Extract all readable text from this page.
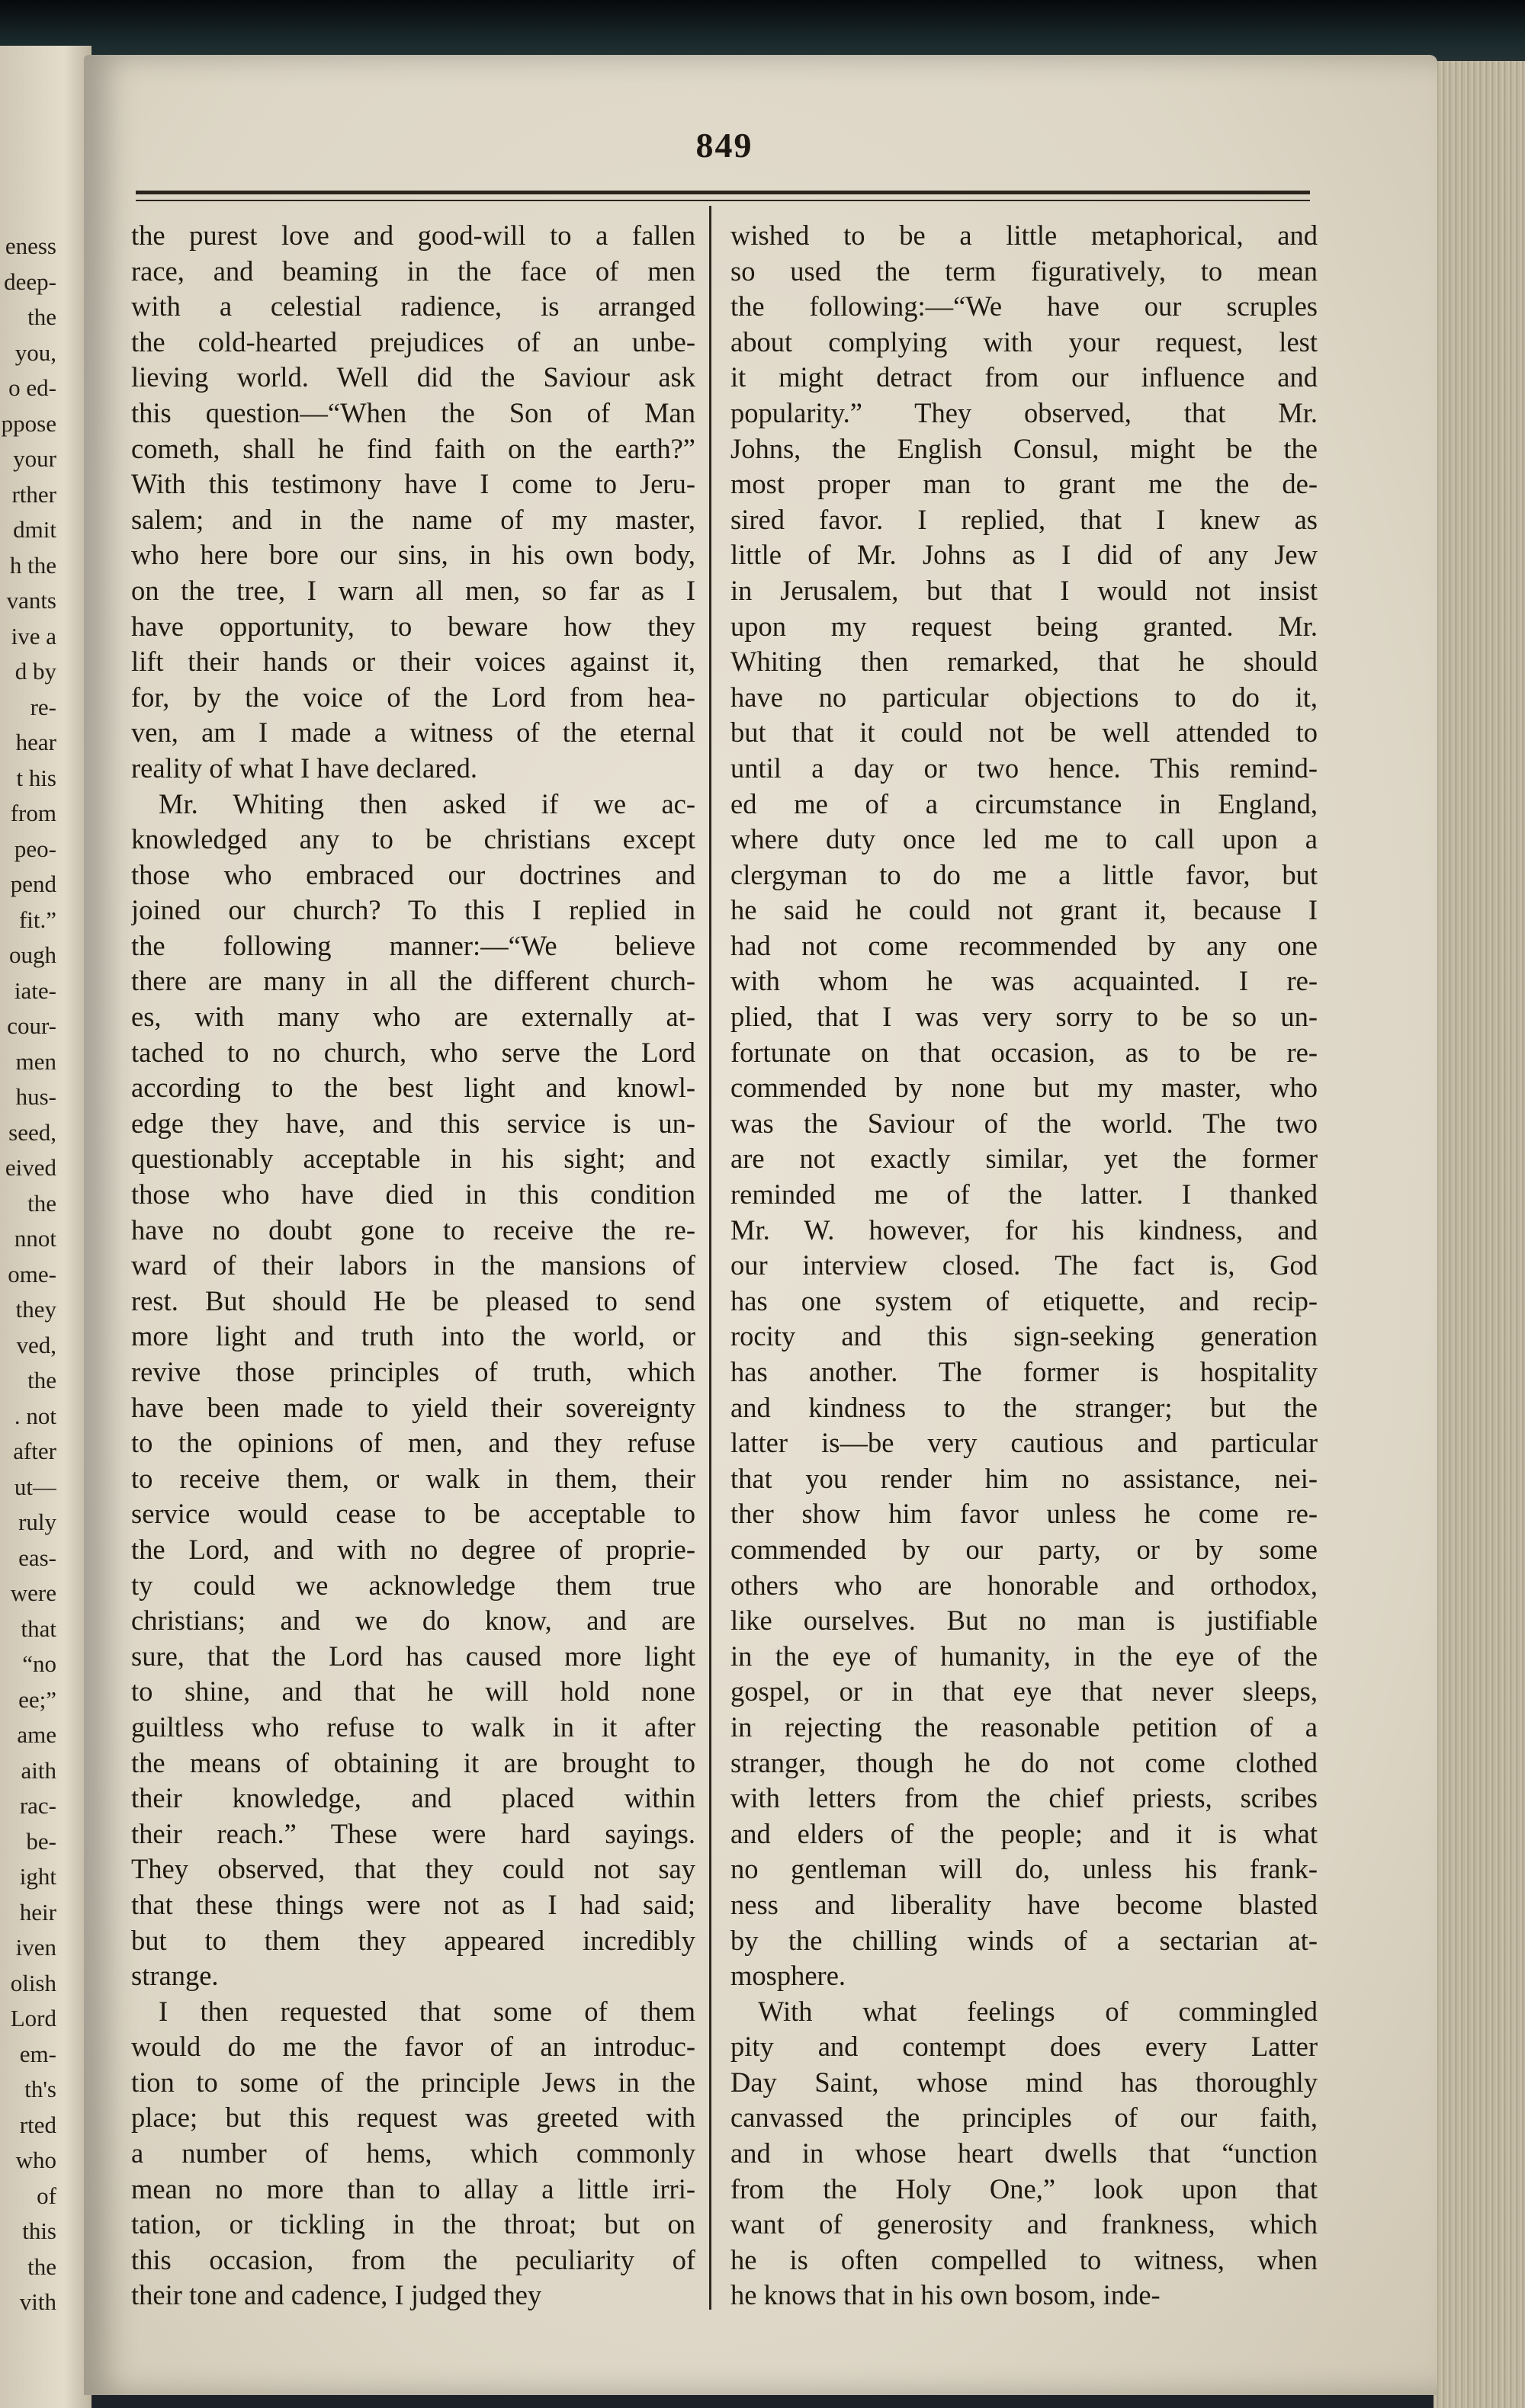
eness
deep-
the
you,
o ed-
ppose
your
rther
dmit
h the
vants
ive a
d by
re-
hear
t his
from
peo-
pend
fit.”
ough
iate-
cour-
men
hus-
seed,
eived
the
nnot
ome-
they
ved,
the
. not
after
ut—
ruly
eas-
were
that
“no
ee;”
ame
aith
rac-
be-
ight
heir
iven
olish
Lord
em-
th's
rted
who
of
this
the
vith
849
the purest love and good-will to a fallen
race, and beaming in the face of men
with a celestial radience, is arranged
the cold-hearted prejudices of an unbe-
lieving world. Well did the Saviour ask
this question—“When the Son of Man
cometh, shall he find faith on the earth?”
With this testimony have I come to Jeru-
salem; and in the name of my master,
who here bore our sins, in his own body,
on the tree, I warn all men, so far as I
have opportunity, to beware how they
lift their hands or their voices against it,
for, by the voice of the Lord from hea-
ven, am I made a witness of the eternal
reality of what I have declared.
Mr. Whiting then asked if we ac-
knowledged any to be christians except
those who embraced our doctrines and
joined our church? To this I replied in
the following manner:—“We believe
there are many in all the different church-
es, with many who are externally at-
tached to no church, who serve the Lord
according to the best light and knowl-
edge they have, and this service is un-
questionably acceptable in his sight; and
those who have died in this condition
have no doubt gone to receive the re-
ward of their labors in the mansions of
rest. But should He be pleased to send
more light and truth into the world, or
revive those principles of truth, which
have been made to yield their sovereignty
to the opinions of men, and they refuse
to receive them, or walk in them, their
service would cease to be acceptable to
the Lord, and with no degree of proprie-
ty could we acknowledge them true
christians; and we do know, and are
sure, that the Lord has caused more light
to shine, and that he will hold none
guiltless who refuse to walk in it after
the means of obtaining it are brought to
their knowledge, and placed within
their reach.” These were hard sayings.
They observed, that they could not say
that these things were not as I had said;
but to them they appeared incredibly
strange.
I then requested that some of them
would do me the favor of an introduc-
tion to some of the principle Jews in the
place; but this request was greeted with
a number of hems, which commonly
mean no more than to allay a little irri-
tation, or tickling in the throat; but on
this occasion, from the peculiarity of
their tone and cadence, I judged they
wished to be a little metaphorical, and
so used the term figuratively, to mean
the following:—“We have our scruples
about complying with your request, lest
it might detract from our influence and
popularity.” They observed, that Mr.
Johns, the English Consul, might be the
most proper man to grant me the de-
sired favor. I replied, that I knew as
little of Mr. Johns as I did of any Jew
in Jerusalem, but that I would not insist
upon my request being granted. Mr.
Whiting then remarked, that he should
have no particular objections to do it,
but that it could not be well attended to
until a day or two hence. This remind-
ed me of a circumstance in England,
where duty once led me to call upon a
clergyman to do me a little favor, but
he said he could not grant it, because I
had not come recommended by any one
with whom he was acquainted. I re-
plied, that I was very sorry to be so un-
fortunate on that occasion, as to be re-
commended by none but my master, who
was the Saviour of the world. The two
are not exactly similar, yet the former
reminded me of the latter. I thanked
Mr. W. however, for his kindness, and
our interview closed. The fact is, God
has one system of etiquette, and recip-
rocity and this sign-seeking generation
has another. The former is hospitality
and kindness to the stranger; but the
latter is—be very cautious and particular
that you render him no assistance, nei-
ther show him favor unless he come re-
commended by our party, or by some
others who are honorable and orthodox,
like ourselves. But no man is justifiable
in the eye of humanity, in the eye of the
gospel, or in that eye that never sleeps,
in rejecting the reasonable petition of a
stranger, though he do not come clothed
with letters from the chief priests, scribes
and elders of the people; and it is what
no gentleman will do, unless his frank-
ness and liberality have become blasted
by the chilling winds of a sectarian at-
mosphere.
With what feelings of commingled
pity and contempt does every Latter
Day Saint, whose mind has thoroughly
canvassed the principles of our faith,
and in whose heart dwells that “unction
from the Holy One,” look upon that
want of generosity and frankness, which
he is often compelled to witness, when
he knows that in his own bosom, inde-
